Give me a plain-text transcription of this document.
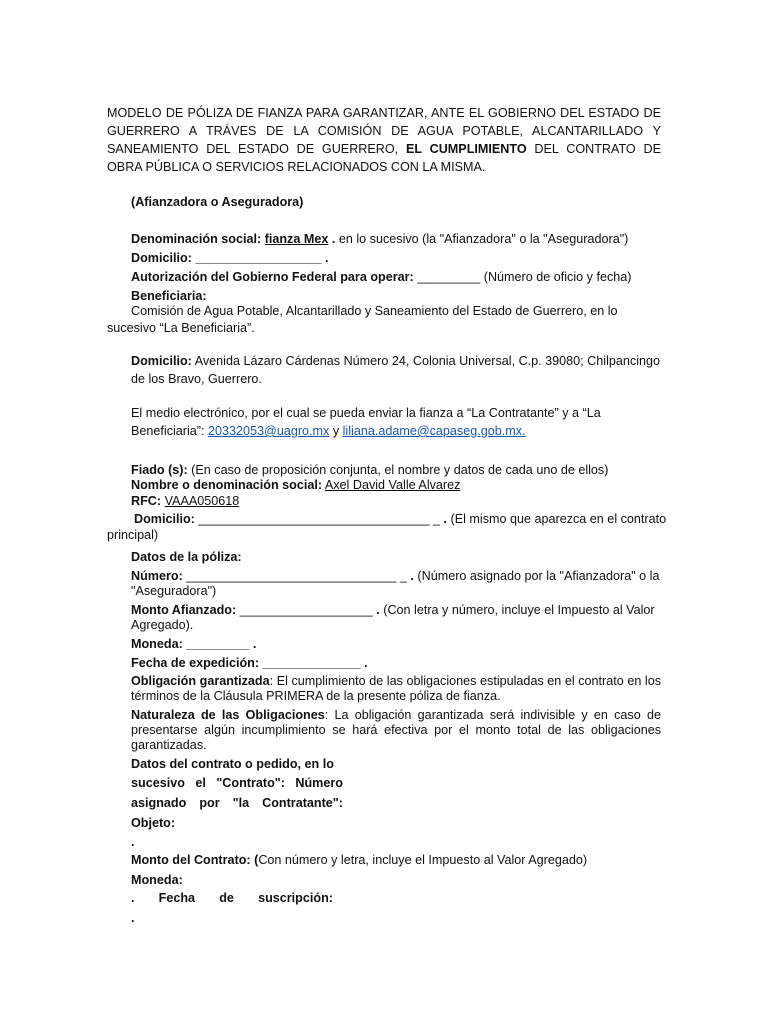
MODELO DE PÓLIZA DE FIANZA PARA GARANTIZAR, ANTE EL GOBIERNO DEL ESTADO DE GUERRERO A TRÁVES DE LA COMISIÓN DE AGUA POTABLE, ALCANTARILLADO Y SANEAMIENTO DEL ESTADO DE GUERRERO, EL CUMPLIMIENTO DEL CONTRATO DE OBRA PÚBLICA O SERVICIOS RELACIONADOS CON LA MISMA.
(Afianzadora o Aseguradora)
Denominación social: fianza Mex . en lo sucesivo (la "Afianzadora" o la "Aseguradora")
Domicilio: __________________ .
Autorización del Gobierno Federal para operar: _________ (Número de oficio y fecha)
Beneficiaria:
Comisión de Agua Potable, Alcantarillado y Saneamiento del Estado de Guerrero, en lo
sucesivo “La Beneficiaria”.
Domicilio: Avenida Lázaro Cárdenas Número 24, Colonia Universal, C.p. 39080; Chilpancingo
de los Bravo, Guerrero.
El medio electrónico, por el cual se pueda enviar la fianza a “La Contratante” y a “La
Beneficiaria”: 20332053@uagro.mx y liliana.adame@capaseg.gob.mx.
Fiado (s): (En caso de proposición conjunta, el nombre y datos de cada uno de ellos)
Nombre o denominación social: Axel David Valle Alvarez
RFC: VAAA050618
Domicilio: _________________________________ _ . (El mismo que aparezca en el contrato
principal)
Datos de la póliza:
Número: ______________________________ _ . (Número asignado por la "Afianzadora" o la
"Aseguradora")
Monto Afianzado: ___________________ . (Con letra y número, incluye el Impuesto al Valor
Agregado).
Moneda: _________ .
Fecha de expedición: ______________ .
Obligación garantizada: El cumplimiento de las obligaciones estipuladas en el contrato en los términos de la Cláusula PRIMERA de la presente póliza de fianza.
Naturaleza de las Obligaciones: La obligación garantizada será indivisible y en caso de presentarse algún incumplimiento se hará efectiva por el monto total de las obligaciones garantizadas.
Datos del contrato o pedido, en lo
sucesivo el "Contrato": Número
asignado por "la Contratante":
Objeto:
.
Monto del Contrato: (Con número y letra, incluye el Impuesto al Valor Agregado)
Moneda:
. Fecha de suscripción:
.
